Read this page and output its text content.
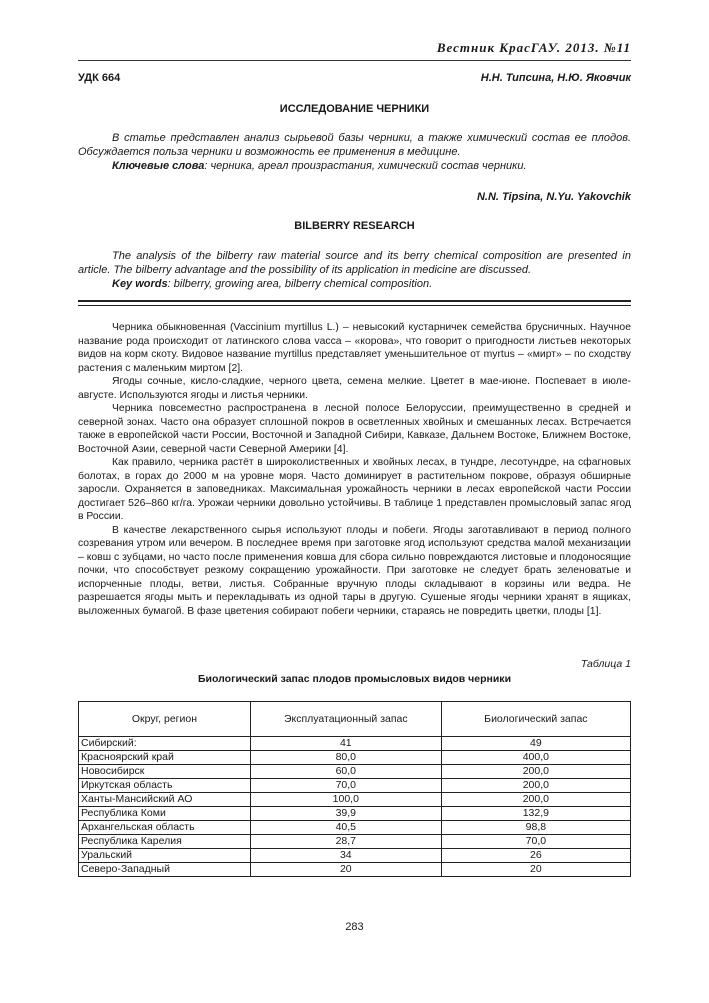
Вестник КрасГАУ. 2013. №11
УДК 664	Н.Н. Типсина, Н.Ю. Яковчик
ИССЛЕДОВАНИЕ ЧЕРНИКИ

В статье представлен анализ сырьевой базы черники, а также химический состав ее плодов. Обсуждается польза черники и возможность ее применения в медицине.

Ключевые слова: черника, ареал произрастания, химический состав черники.

N.N. Tipsina, N.Yu. Yakovchik
BILBERRY RESEARCH

The analysis of the bilberry raw material source and its berry chemical composition are presented in article. The bilberry advantage and the possibility of its application in medicine are discussed.

Key words: bilberry, growing area, bilberry chemical composition.

Черника обыкновенная (Vaccinium myrtillus L.) – невысокий кустарничек семейства брусничных. Научное название рода происходит от латинского слова vacca – «корова», что говорит о пригодности листьев некоторых видов на корм скоту. Видовое название myrtillus представляет уменьшительное от myrtus – «мирт» – по сходству растения с маленьким миртом [2].

Ягоды сочные, кисло-сладкие, черного цвета, семена мелкие. Цветет в мае-июне. Поспевает в июле-августе. Используются ягоды и листья черники.

Черника повсеместно распространена в лесной полосе Белоруссии, преимущественно в средней и северной зонах. Часто она образует сплошной покров в осветленных хвойных и смешанных лесах. Встречается также в европейской части России, Восточной и Западной Сибири, Кавказе, Дальнем Востоке, Ближнем Востоке, Восточной Азии, северной части Северной Америки [4].

Как правило, черника растёт в широколиственных и хвойных лесах, в тундре, лесотундре, на сфагновых болотах, в горах до 2000 м на уровне моря. Часто доминирует в растительном покрове, образуя обширные заросли. Охраняется в заповедниках. Максимальная урожайность черники в лесах европейской части России достигает 526–860 кг/га. Урожаи черники довольно устойчивы. В таблице 1 представлен промысловый запас ягод в России.

В качестве лекарственного сырья используют плоды и побеги. Ягоды заготавливают в период полного созревания утром или вечером. В последнее время при заготовке ягод используют средства малой механизации – ковш с зубцами, но часто после применения ковша для сбора сильно повреждаются листовые и плодоносящие почки, что способствует резкому сокращению урожайности. При заготовке не следует брать зеленоватые и испорченные плоды, ветви, листья. Собранные вручную плоды складывают в корзины или ведра. Не разрешается ягоды мыть и перекладывать из одной тары в другую. Сушеные ягоды черники хранят в ящиках, выложенных бумагой. В фазе цветения собирают побеги черники, стараясь не повредить цветки, плоды [1].

Таблица 1
Биологический запас плодов промысловых видов черники
Округ, регион	Эксплуатационный запас	Биологический запас
Сибирский:	41	49
Красноярский край	80,0	400,0
Новосибирск	60,0	200,0
Иркутская область	70,0	200,0
Ханты-Мансийский АО	100,0	200,0
Республика Коми	39,9	132,9
Архангельская область	40,5	98,8
Республика Карелия	28,7	70,0
Уральский	34	26
Северо-Западный	20	20
283
